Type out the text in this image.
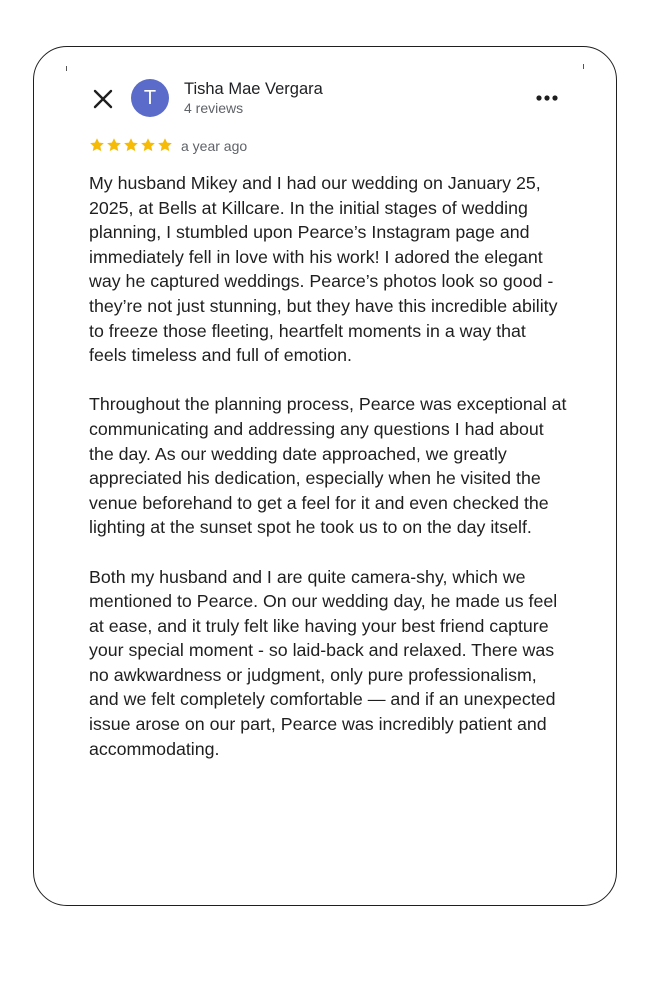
T	Tisha Mae Vergara
4 reviews
a year ago

My husband Mikey and I had our wedding on January 25, 2025, at Bells at Killcare. In the initial stages of wedding planning, I stumbled upon Pearce’s Instagram page and immediately fell in love with his work! I adored the elegant way he captured weddings. Pearce’s photos look so good - they’re not just stunning, but they have this incredible ability to freeze those fleeting, heartfelt moments in a way that feels timeless and full of emotion.

Throughout the planning process, Pearce was exceptional at communicating and addressing any questions I had about the day. As our wedding date approached, we greatly appreciated his dedication, especially when he visited the venue beforehand to get a feel for it and even checked the lighting at the sunset spot he took us to on the day itself.

Both my husband and I are quite camera-shy, which we mentioned to Pearce. On our wedding day, he made us feel at ease, and it truly felt like having your best friend capture your special moment - so laid-back and relaxed. There was no awkwardness or judgment, only pure professionalism, and we felt completely comfortable — and if an unexpected issue arose on our part, Pearce was incredibly patient and accommodating.
